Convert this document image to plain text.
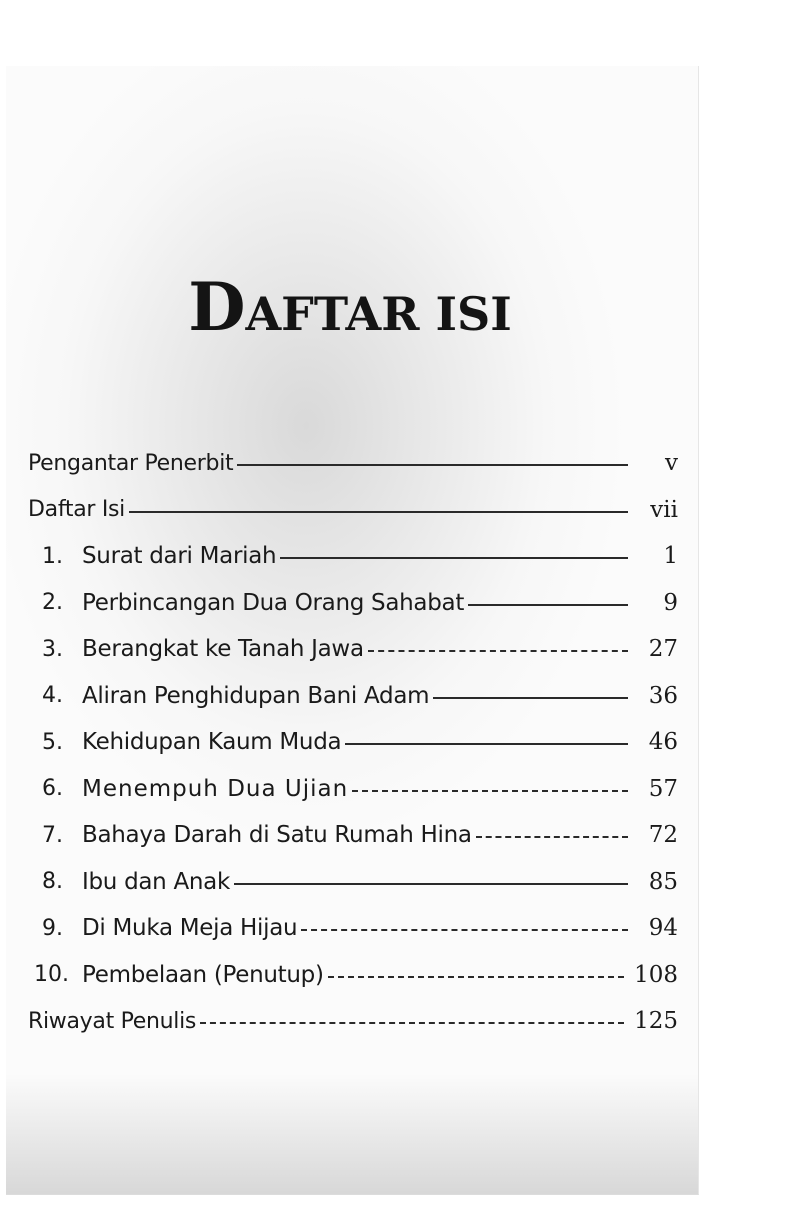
DAFTAR ISI
Pengantar Penerbit	v
Daftar Isi	vii
1. Surat dari Mariah	1
2. Perbincangan Dua Orang Sahabat	9
3. Berangkat ke Tanah Jawa	27
4. Aliran Penghidupan Bani Adam	36
5. Kehidupan Kaum Muda	46
6. Menempuh Dua Ujian	57
7. Bahaya Darah di Satu Rumah Hina	72
8. Ibu dan Anak	85
9. Di Muka Meja Hijau	94
10. Pembelaan (Penutup)	108
Riwayat Penulis	125
